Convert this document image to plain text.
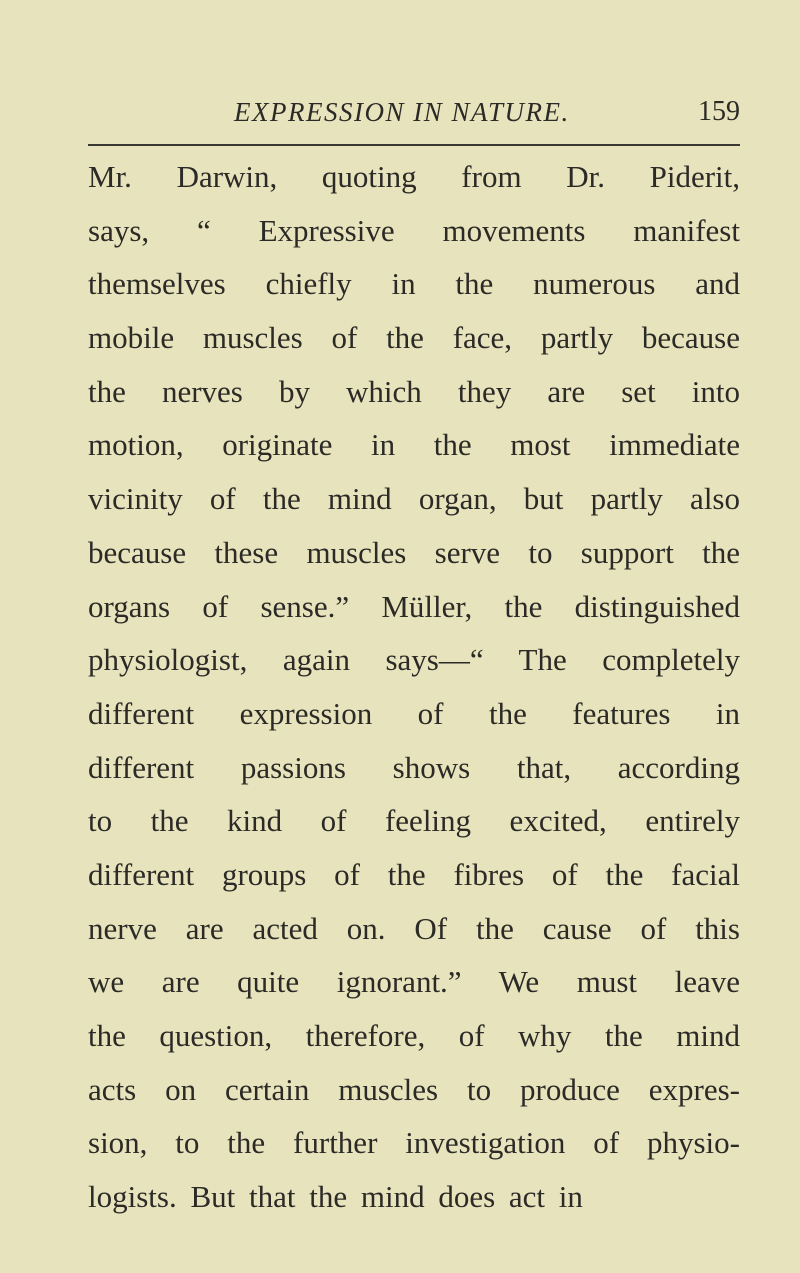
EXPRESSION IN NATURE.	159
Mr. Darwin, quoting from Dr. Piderit,
says, “ Expressive movements manifest
themselves chiefly in the numerous and
mobile muscles of the face, partly because
the nerves by which they are set into
motion, originate in the most immediate
vicinity of the mind organ, but partly also
because these muscles serve to support the
organs of sense.” Müller, the distinguished
physiologist, again says—“ The completely
different expression of the features in
different passions shows that, according
to the kind of feeling excited, entirely
different groups of the fibres of the facial
nerve are acted on. Of the cause of this
we are quite ignorant.” We must leave
the question, therefore, of why the mind
acts on certain muscles to produce expres-
sion, to the further investigation of physio-
logists. But that the mind does act in
